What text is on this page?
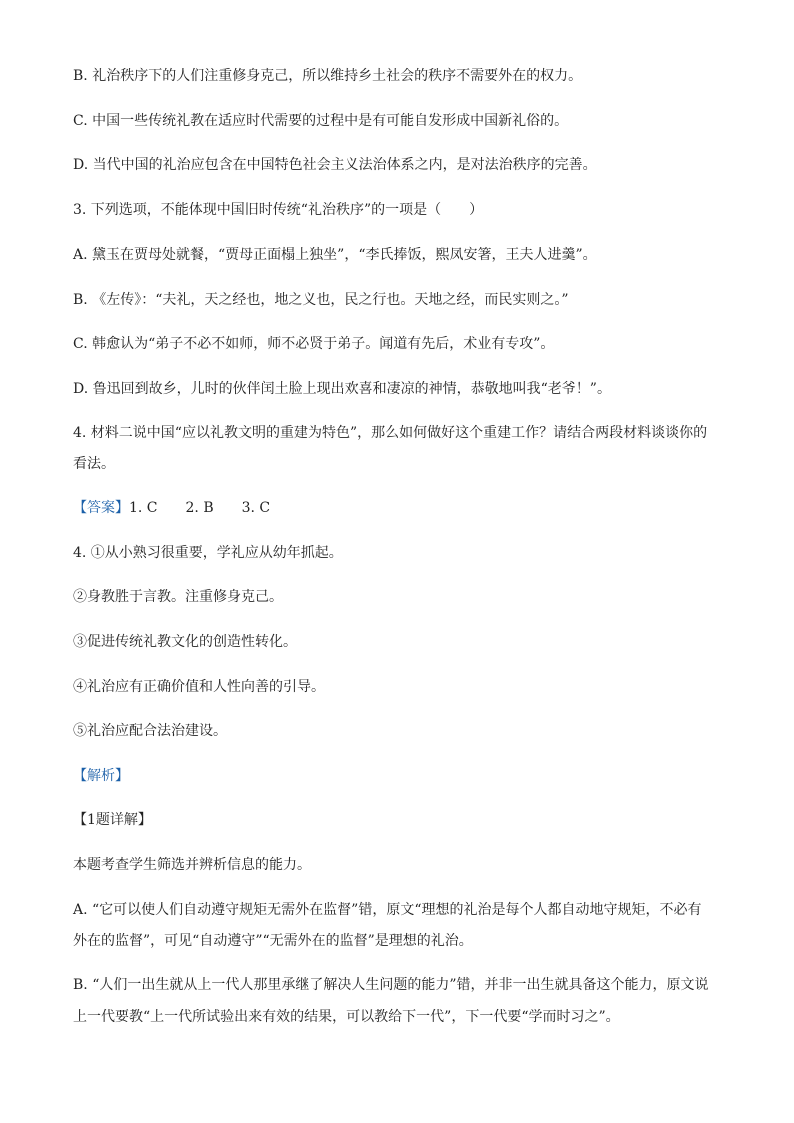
B. 礼治秩序下的人们注重修身克己，所以维持乡土社会的秩序不需要外在的权力。

C. 中国一些传统礼教在适应时代需要的过程中是有可能自发形成中国新礼俗的。

D. 当代中国的礼治应包含在中国特色社会主义法治体系之内，是对法治秩序的完善。

3. 下列选项，不能体现中国旧时传统“礼治秩序”的一项是（　　）

A. 黛玉在贾母处就餐，“贾母正面榻上独坐”，“李氏捧饭，熙凤安箸，王夫人进羹”。

B. 《左传》：“夫礼，天之经也，地之义也，民之行也。天地之经，而民实则之。”

C. 韩愈认为“弟子不必不如师，师不必贤于弟子。闻道有先后，术业有专攻”。

D. 鲁迅回到故乡，儿时的伙伴闰土脸上现出欢喜和凄凉的神情，恭敬地叫我“老爷！”。

4. 材料二说中国“应以礼教文明的重建为特色”，那么如何做好这个重建工作？请结合两段材料谈谈你的

看法。

【答案】1. C　　2. B　　3. C

4. ①从小熟习很重要，学礼应从幼年抓起。

②身教胜于言教。注重修身克己。

③促进传统礼教文化的创造性转化。

④礼治应有正确价值和人性向善的引导。

⑤礼治应配合法治建设。

【解析】

【1题详解】

本题考查学生筛选并辨析信息的能力。

A. “它可以使人们自动遵守规矩无需外在监督”错，原文“理想的礼治是每个人都自动地守规矩，不必有

外在的监督”，可见“自动遵守”“无需外在的监督”是理想的礼治。

B. “人们一出生就从上一代人那里承继了解决人生问题的能力”错，并非一出生就具备这个能力，原文说

上一代要教“上一代所试验出来有效的结果，可以教给下一代”，下一代要“学而时习之”。
